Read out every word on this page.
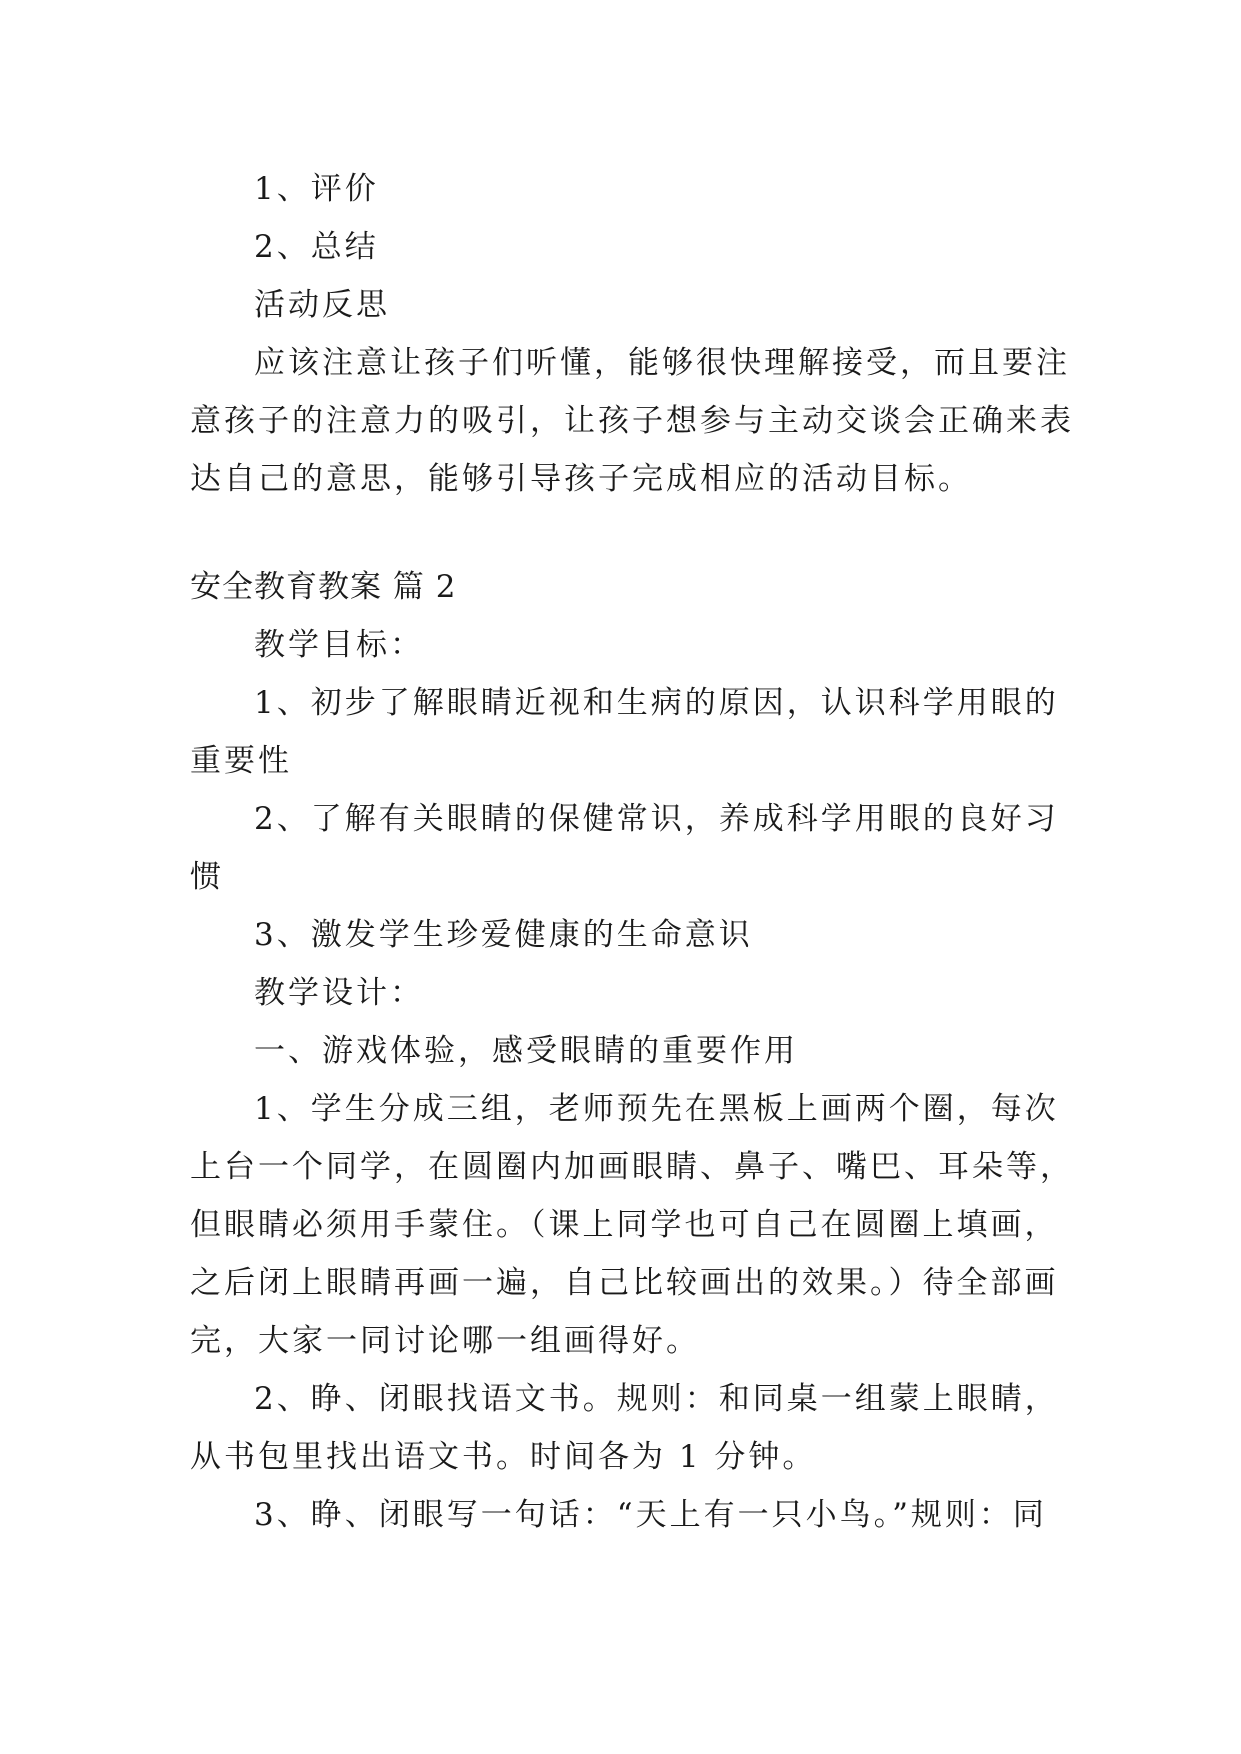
1、评价

2、总结

活动反思

应该注意让孩子们听懂，能够很快理解接受，而且要注

意孩子的注意力的吸引，让孩子想参与主动交谈会正确来表

达自己的意思，能够引导孩子完成相应的活动目标。

安全教育教案 篇 2

教学目标：

1、初步了解眼睛近视和生病的原因，认识科学用眼的

重要性

2、了解有关眼睛的保健常识，养成科学用眼的良好习

惯

3、激发学生珍爱健康的生命意识

教学设计：

一、游戏体验，感受眼睛的重要作用

1、学生分成三组，老师预先在黑板上画两个圈，每次

上台一个同学，在圆圈内加画眼睛、鼻子、嘴巴、耳朵等，

但眼睛必须用手蒙住。（课上同学也可自己在圆圈上填画，

之后闭上眼睛再画一遍，自己比较画出的效果。）待全部画

完，大家一同讨论哪一组画得好。

2、睁、闭眼找语文书。规则：和同桌一组蒙上眼睛，

从书包里找出语文书。时间各为 1 分钟。

3、睁、闭眼写一句话：“天上有一只小鸟。”规则：同
